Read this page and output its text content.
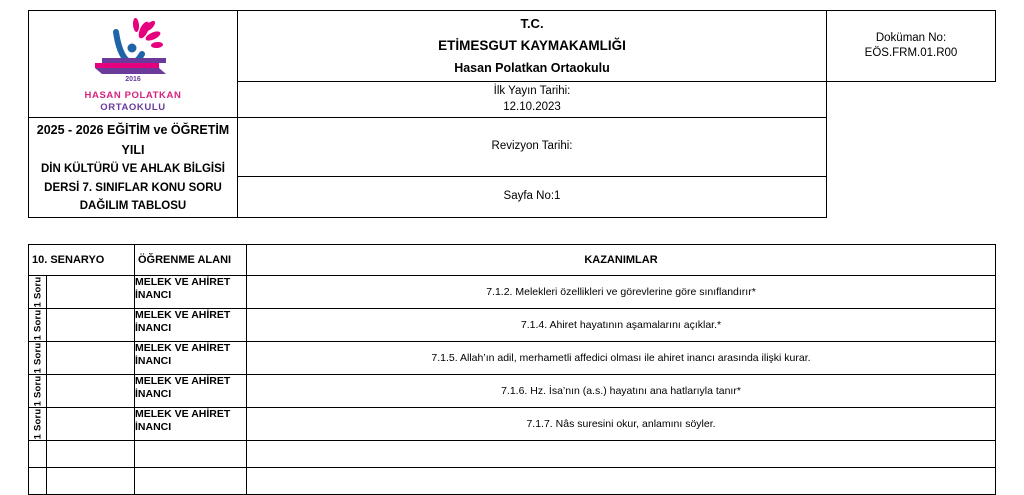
2016
HASAN POLATKAN
ORTAOKULU

T.C.
ETİMESGUT KAYMAKAMLIĞI
Hasan Polatkan Ortaokulu

Doküman No:
EÖS.FRM.01.R00

	İlk Yayın Tarihi:
12.10.2023	

2025 - 2026 EĞİTİM ve ÖĞRETİM YILI
DİN KÜLTÜRÜ VE AHLAK BİLGİSİ DERSİ 7. SINIFLAR KONU SORU DAĞILIM TABLOSU	Revizyon Tarihi:	

	Sayfa No:1	
10. SENARYO		ÖĞRENME ALANI	KAZANIMLAR

1 Soru		MELEK VE AHİRET İNANCI	7.1.2. Melekleri özellikleri ve görevlerine göre sınıflandırır*

1 Soru		MELEK VE AHİRET İNANCI	7.1.4. Ahiret hayatının aşamalarını açıklar.*

1 Soru		MELEK VE AHİRET İNANCI	7.1.5. Allah’ın adil, merhametli affedici olması ile ahiret inancı arasında ilişki kurar.

1 Soru		MELEK VE AHİRET İNANCI	7.1.6. Hz. İsa’nın (a.s.) hayatını ana hatlarıyla tanır*

1 Soru		MELEK VE AHİRET İNANCI	7.1.7. Nâs suresini okur, anlamını söyler.
